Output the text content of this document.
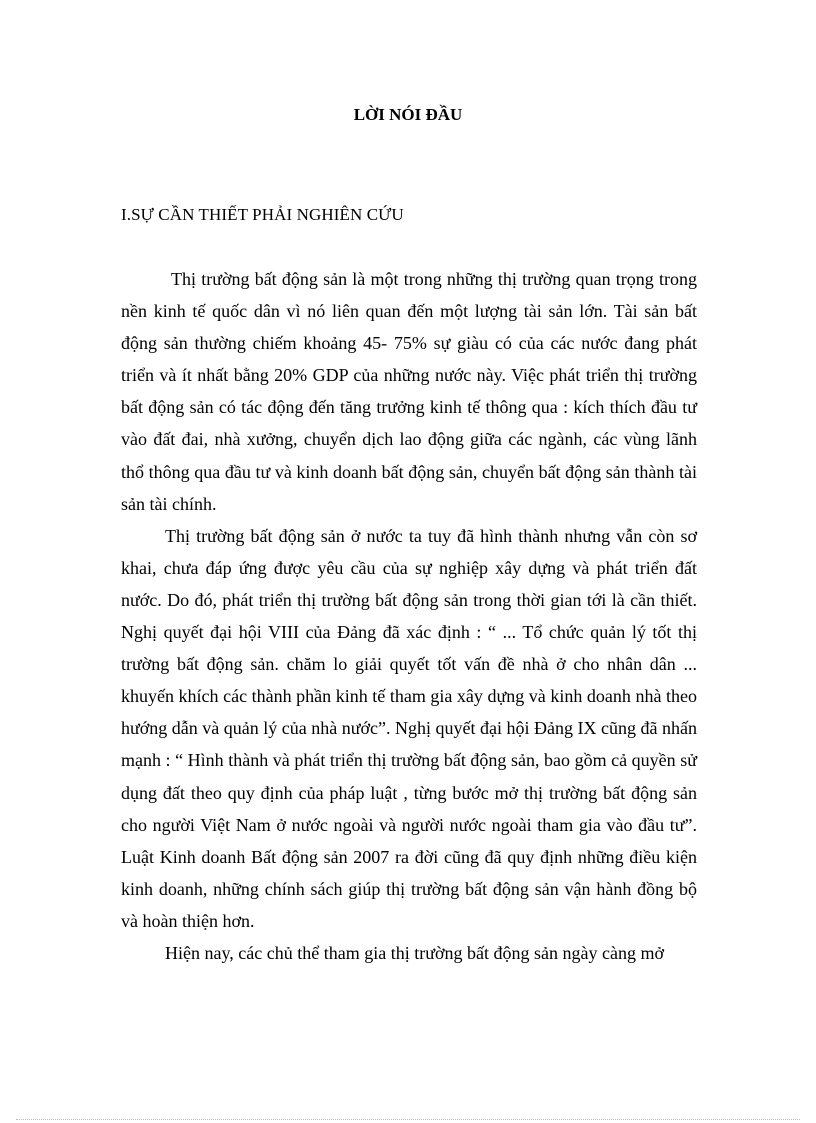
LỜI NÓI ĐẦU
I.SỰ CẦN THIẾT PHẢI NGHIÊN CỨU

Thị trường bất động sản là một trong những thị trường quan trọng trong nền kinh tế quốc dân vì nó liên quan đến một lượng tài sản lớn. Tài sản bất động sản thường chiếm khoảng 45- 75% sự giàu có của các nước đang phát triển và ít nhất bằng 20% GDP của những nước này. Việc phát triển thị trường bất động sản có tác động đến tăng trưởng kinh tế thông qua : kích thích đầu tư vào đất đai, nhà xưởng, chuyển dịch lao động giữa các ngành, các vùng lãnh thổ thông qua đầu tư và kinh doanh bất động sản, chuyển bất động sản thành tài sản tài chính.

Thị trường bất động sản ở nước ta tuy đã hình thành nhưng vẫn còn sơ khai, chưa đáp ứng được yêu cầu của sự nghiệp xây dựng và phát triển đất nước. Do đó, phát triển thị trường bất động sản trong thời gian tới là cần thiết. Nghị quyết đại hội VIII của Đảng đã xác định : “ ... Tổ chức quản lý tốt thị trường bất động sản. chăm lo giải quyết tốt vấn đề nhà ở cho nhân dân ... khuyến khích các thành phần kinh tế tham gia xây dựng và kinh doanh nhà theo hướng dẫn và quản lý của nhà nước”. Nghị quyết đại hội Đảng IX cũng đã nhấn mạnh : “ Hình thành và phát triển thị trường bất động sản, bao gồm cả quyền sử dụng đất theo quy định của pháp luật , từng bước mở thị trường bất động sản cho người Việt Nam ở nước ngoài và người nước ngoài tham gia vào đầu tư”. Luật Kinh doanh Bất động sản 2007 ra đời cũng đã quy định những điều kiện kinh doanh, những chính sách giúp thị trường bất động sản vận hành đồng bộ và hoàn thiện hơn.

Hiện nay, các chủ thể tham gia thị trường bất động sản ngày càng mở
